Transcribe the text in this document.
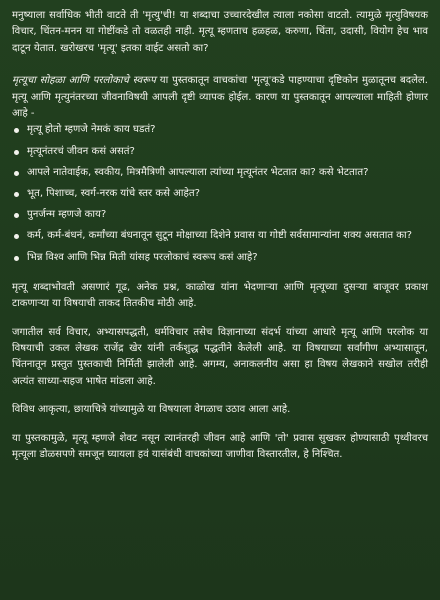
मनुष्याला सर्वाधिक भीती वाटते ती 'मृत्यु'ची! या शब्दाचा उच्चारदेखील त्याला नकोसा वाटतो. त्यामुळे मृत्युविषयक विचार, चिंतन-मनन या गोष्टींकडे तो वळतही नाही. मृत्यू म्हणताच हळहळ, करुणा, चिंता, उदासी, वियोग हेच भाव दाटून येतात. खरोखरच 'मृत्यू' इतका वाईट असतो का?

मृत्यूचा सोहळा आणि परलोकाचे स्वरूप या पुस्तकातून वाचकांचा 'मृत्यू'कडे पाहण्याचा दृष्टिकोन मुळातूनच बदलेल. मृत्यू आणि मृत्युनंतरच्या जीवनाविषयी आपली दृष्टी व्यापक होईल. कारण या पुस्तकातून आपल्याला माहिती होणार आहे -

मृत्यू होतो म्हणजे नेमकं काय घडतं?
मृत्यूनंतरचं जीवन कसं असतं?
आपले नातेवाईक, स्वकीय, मित्रमैत्रिणी आपल्याला त्यांच्या मृत्यूनंतर भेटतात का? कसे भेटतात?
भूत, पिशाच्च, स्वर्ग-नरक यांचे स्तर कसे आहेत?
पुनर्जन्म म्हणजे काय?
कर्म, कर्म-बंधनं, कर्मांच्या बंधनातून सुटून मोक्षाच्या दिशेने प्रवास या गोष्टी सर्वसामान्यांना शक्य असतात का?
भिन्न विश्व आणि भिन्न मिती यांसह परलोकाचं स्वरूप कसं आहे?

मृत्यू शब्दाभोवती असणारं गूढ, अनेक प्रश्न, काळोख यांना भेदणाऱ्या आणि मृत्यूच्या दुसऱ्या बाजूवर प्रकाश टाकणाऱ्या या विषयाची ताकद तितकीच मोठी आहे.

जगातील सर्व विचार, अभ्यासपद्धती, धर्मविचार तसेच विज्ञानाच्या संदर्भ यांच्या आधारे मृत्यू आणि परलोक या विषयाची उकल लेखक राजेंद्र खेर यांनी तर्कशुद्ध पद्धतीने केलेली आहे. या विषयाच्या सर्वांगीण अभ्यासातून, चिंतनातून प्रस्तुत पुस्तकाची निर्मिती झालेली आहे. अगम्य, अनाकलनीय असा हा विषय लेखकाने सखोल तरीही अत्यंत साध्या-सहज भाषेत मांडला आहे.

विविध आकृत्या, छायाचित्रे यांच्यामुळे या विषयाला वेगळाच उठाव आला आहे.

या पुस्तकामुळे, मृत्यू म्हणजे शेवट नसून त्यानंतरही जीवन आहे आणि 'तो' प्रवास सुखकर होण्यासाठी पृथ्वीवरच मृत्यूला डोळसपणे समजून घ्यायला हवं यासंबंधी वाचकांच्या जाणीवा विस्तारतील, हे निश्चित.
